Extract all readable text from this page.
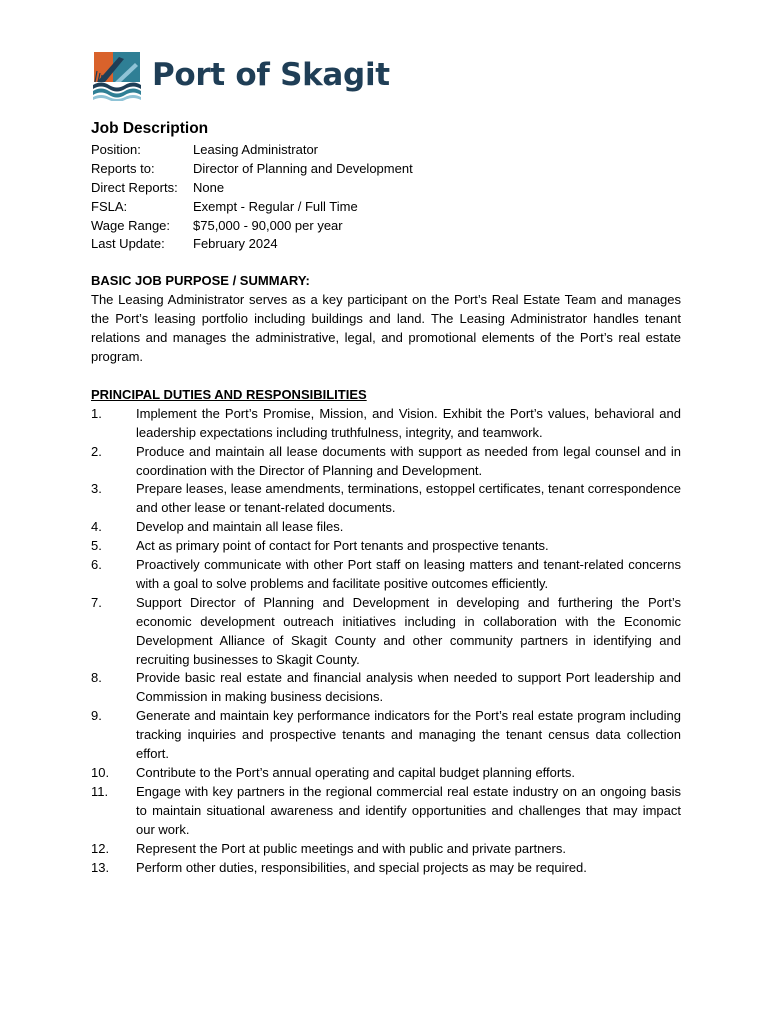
Port of Skagit
Job Description
Position:	Leasing Administrator
Reports to:	Director of Planning and Development
Direct Reports:	None
FSLA:	Exempt - Regular / Full Time
Wage Range:	$75,000 - 90,000 per year
Last Update:	February 2024
BASIC JOB PURPOSE / SUMMARY:

The Leasing Administrator serves as a key participant on the Port’s Real Estate Team and manages the Port’s leasing portfolio including buildings and land. The Leasing Administrator handles tenant relations and manages the administrative, legal, and promotional elements of the Port’s real estate program.

PRINCIPAL DUTIES AND RESPONSIBILITIES
1.	Implement the Port’s Promise, Mission, and Vision. Exhibit the Port’s values, behavioral and leadership expectations including truthfulness, integrity, and teamwork.
2.	Produce and maintain all lease documents with support as needed from legal counsel and in coordination with the Director of Planning and Development.
3.	Prepare leases, lease amendments, terminations, estoppel certificates, tenant correspondence and other lease or tenant-related documents.
4.	Develop and maintain all lease files.
5.	Act as primary point of contact for Port tenants and prospective tenants.
6.	Proactively communicate with other Port staff on leasing matters and tenant-related concerns with a goal to solve problems and facilitate positive outcomes efficiently.
7.	Support Director of Planning and Development in developing and furthering the Port’s economic development outreach initiatives including in collaboration with the Economic Development Alliance of Skagit County and other community partners in identifying and recruiting businesses to Skagit County.
8.	Provide basic real estate and financial analysis when needed to support Port leadership and Commission in making business decisions.
9.	Generate and maintain key performance indicators for the Port’s real estate program including tracking inquiries and prospective tenants and managing the tenant census data collection effort.
10.	Contribute to the Port’s annual operating and capital budget planning efforts.
11.	Engage with key partners in the regional commercial real estate industry on an ongoing basis to maintain situational awareness and identify opportunities and challenges that may impact our work.
12.	Represent the Port at public meetings and with public and private partners.
13.	Perform other duties, responsibilities, and special projects as may be required.
